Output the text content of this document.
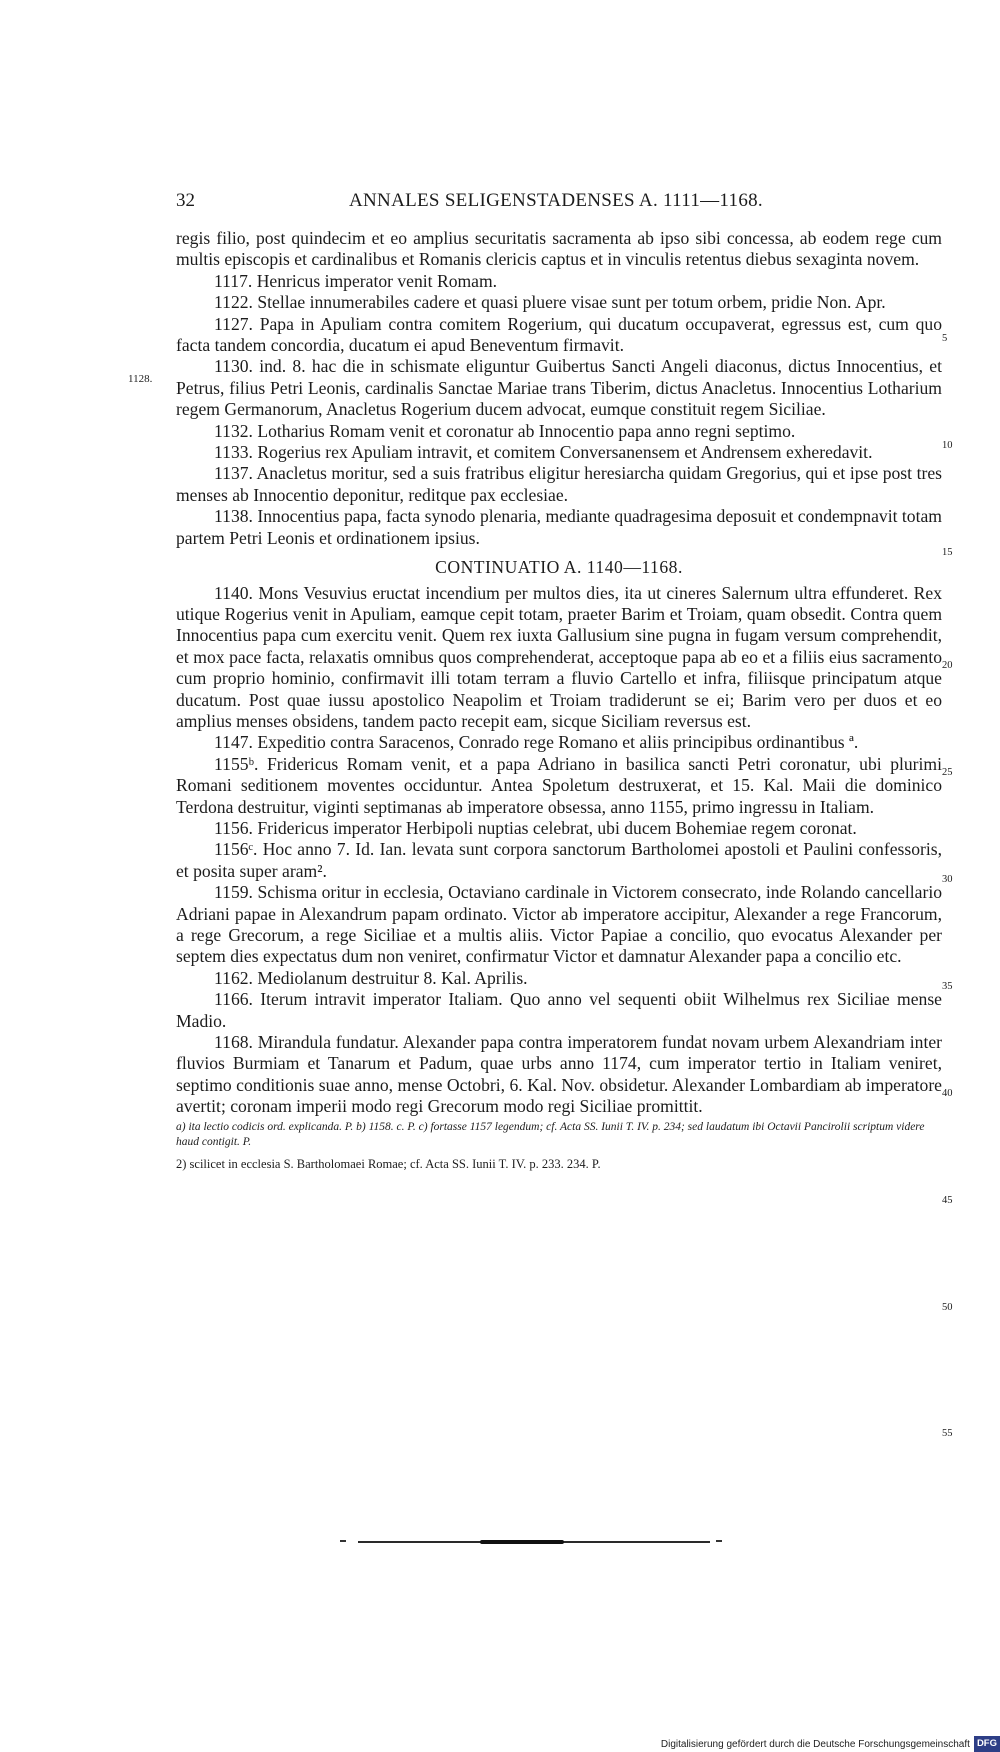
32	ANNALES SELIGENSTADENSES A. 1111—1168.
1128.

regis filio, post quindecim et eo amplius securitatis sacramenta ab ipso sibi concessa, ab eodem rege cum multis episcopis et cardinalibus et Romanis clericis captus et in vinculis retentus diebus sexaginta novem.

1117. Henricus imperator venit Romam.

1122. Stellae innumerabiles cadere et quasi pluere visae sunt per totum orbem, pridie Non. Apr.

1127. Papa in Apuliam contra comitem Rogerium, qui ducatum occupaverat, egressus est, cum quo facta tandem concordia, ducatum ei apud Beneventum firmavit.

1130. ind. 8. hac die in schismate eliguntur Guibertus Sancti Angeli diaconus, dictus Innocentius, et Petrus, filius Petri Leonis, cardinalis Sanctae Mariae trans Tiberim, dictus Anacletus. Innocentius Lotharium regem Germanorum, Anacletus Rogerium ducem advocat, eumque constituit regem Siciliae.

1132. Lotharius Romam venit et coronatur ab Innocentio papa anno regni septimo.

1133. Rogerius rex Apuliam intravit, et comitem Conversanensem et Andrensem exheredavit.

1137. Anacletus moritur, sed a suis fratribus eligitur heresiarcha quidam Gregorius, qui et ipse post tres menses ab Innocentio deponitur, reditque pax ecclesiae.

1138. Innocentius papa, facta synodo plenaria, mediante quadragesima deposuit et condempnavit totam partem Petri Leonis et ordinationem ipsius.

CONTINUATIO A. 1140—1168.

1140. Mons Vesuvius eructat incendium per multos dies, ita ut cineres Salernum ultra effunderet. Rex utique Rogerius venit in Apuliam, eamque cepit totam, praeter Barim et Troiam, quam obsedit. Contra quem Innocentius papa cum exercitu venit. Quem rex iuxta Gallusium sine pugna in fugam versum comprehendit, et mox pace facta, relaxatis omnibus quos comprehenderat, acceptoque papa ab eo et a filiis eius sacramento cum proprio hominio, confirmavit illi totam terram a fluvio Cartello et infra, filiisque principatum atque ducatum. Post quae iussu apostolico Neapolim et Troiam tradiderunt se ei; Barim vero per duos et eo amplius menses obsidens, tandem pacto recepit eam, sicque Siciliam reversus est.

1147. Expeditio contra Saracenos, Conrado rege Romano et aliis principibus ordinantibus ª.

1155ᵇ. Fridericus Romam venit, et a papa Adriano in basilica sancti Petri coronatur, ubi plurimi Romani seditionem moventes occiduntur. Antea Spoletum destruxerat, et 15. Kal. Maii die dominico Terdona destruitur, viginti septimanas ab imperatore obsessa, anno 1155, primo ingressu in Italiam.

1156. Fridericus imperator Herbipoli nuptias celebrat, ubi ducem Bohemiae regem coronat.

1156ᶜ. Hoc anno 7. Id. Ian. levata sunt corpora sanctorum Bartholomei apostoli et Paulini confessoris, et posita super aram².

1159. Schisma oritur in ecclesia, Octaviano cardinale in Victorem consecrato, inde Rolando cancellario Adriani papae in Alexandrum papam ordinato. Victor ab imperatore accipitur, Alexander a rege Francorum, a rege Grecorum, a rege Siciliae et a multis aliis. Victor Papiae a concilio, quo evocatus Alexander per septem dies expectatus dum non veniret, confirmatur Victor et damnatur Alexander papa a concilio etc.

1162. Mediolanum destruitur 8. Kal. Aprilis.

1166. Iterum intravit imperator Italiam. Quo anno vel sequenti obiit Wilhelmus rex Siciliae mense Madio.

1168. Mirandula fundatur. Alexander papa contra imperatorem fundat novam urbem Alexandriam inter fluvios Burmiam et Tanarum et Padum, quae urbs anno 1174, cum imperator tertio in Italiam veniret, septimo conditionis suae anno, mense Octobri, 6. Kal. Nov. obsidetur. Alexander Lombardiam ab imperatore avertit; coronam imperii modo regi Grecorum modo regi Siciliae promittit.

a) ita lectio codicis ord. explicanda. P. b) 1158. c. P. c) fortasse 1157 legendum; cf. Acta SS. Iunii T. IV. p. 234; sed laudatum ibi Octavii Pancirolii scriptum videre haud contigit. P.
2) scilicet in ecclesia S. Bartholomaei Romae; cf. Acta SS. Iunii T. IV. p. 233. 234. P.
5
10
15
20
25
30
35
40
45
50
55
Digitalisierung gefördert durch die Deutsche Forschungsgemeinschaft DFG
